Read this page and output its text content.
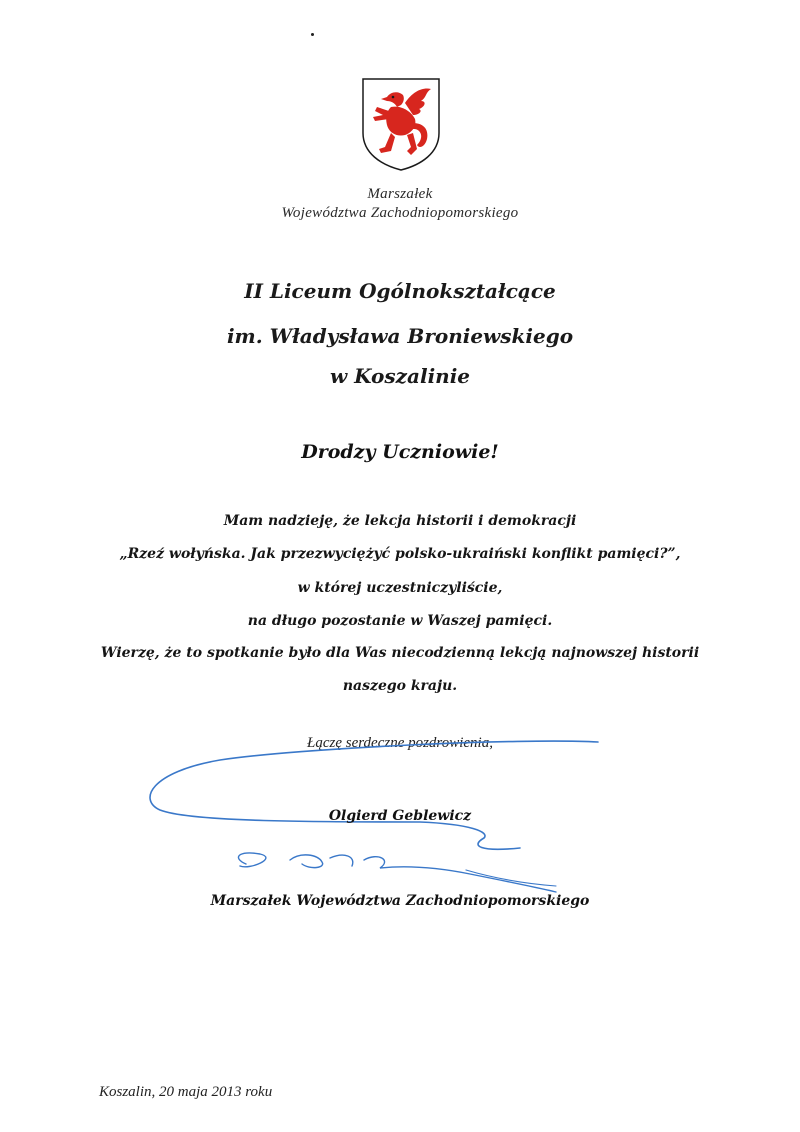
Marszałek
Województwa Zachodniopomorskiego
II Liceum Ogólnokształcące
im. Władysława Broniewskiego
w Koszalinie
Drodzy Uczniowie!
Mam nadzieję, że lekcja historii i demokracji
„Rzeź wołyńska. Jak przezwyciężyć polsko-ukraiński konflikt pamięci?”,
w której uczestniczyliście,
na długo pozostanie w Waszej pamięci.
Wierzę, że to spotkanie było dla Was niecodzienną lekcją najnowszej historii
naszego kraju.
Łączę serdeczne pozdrowienia,
Olgierd Geblewicz
Marszałek Województwa Zachodniopomorskiego
Koszalin, 20 maja 2013 roku
